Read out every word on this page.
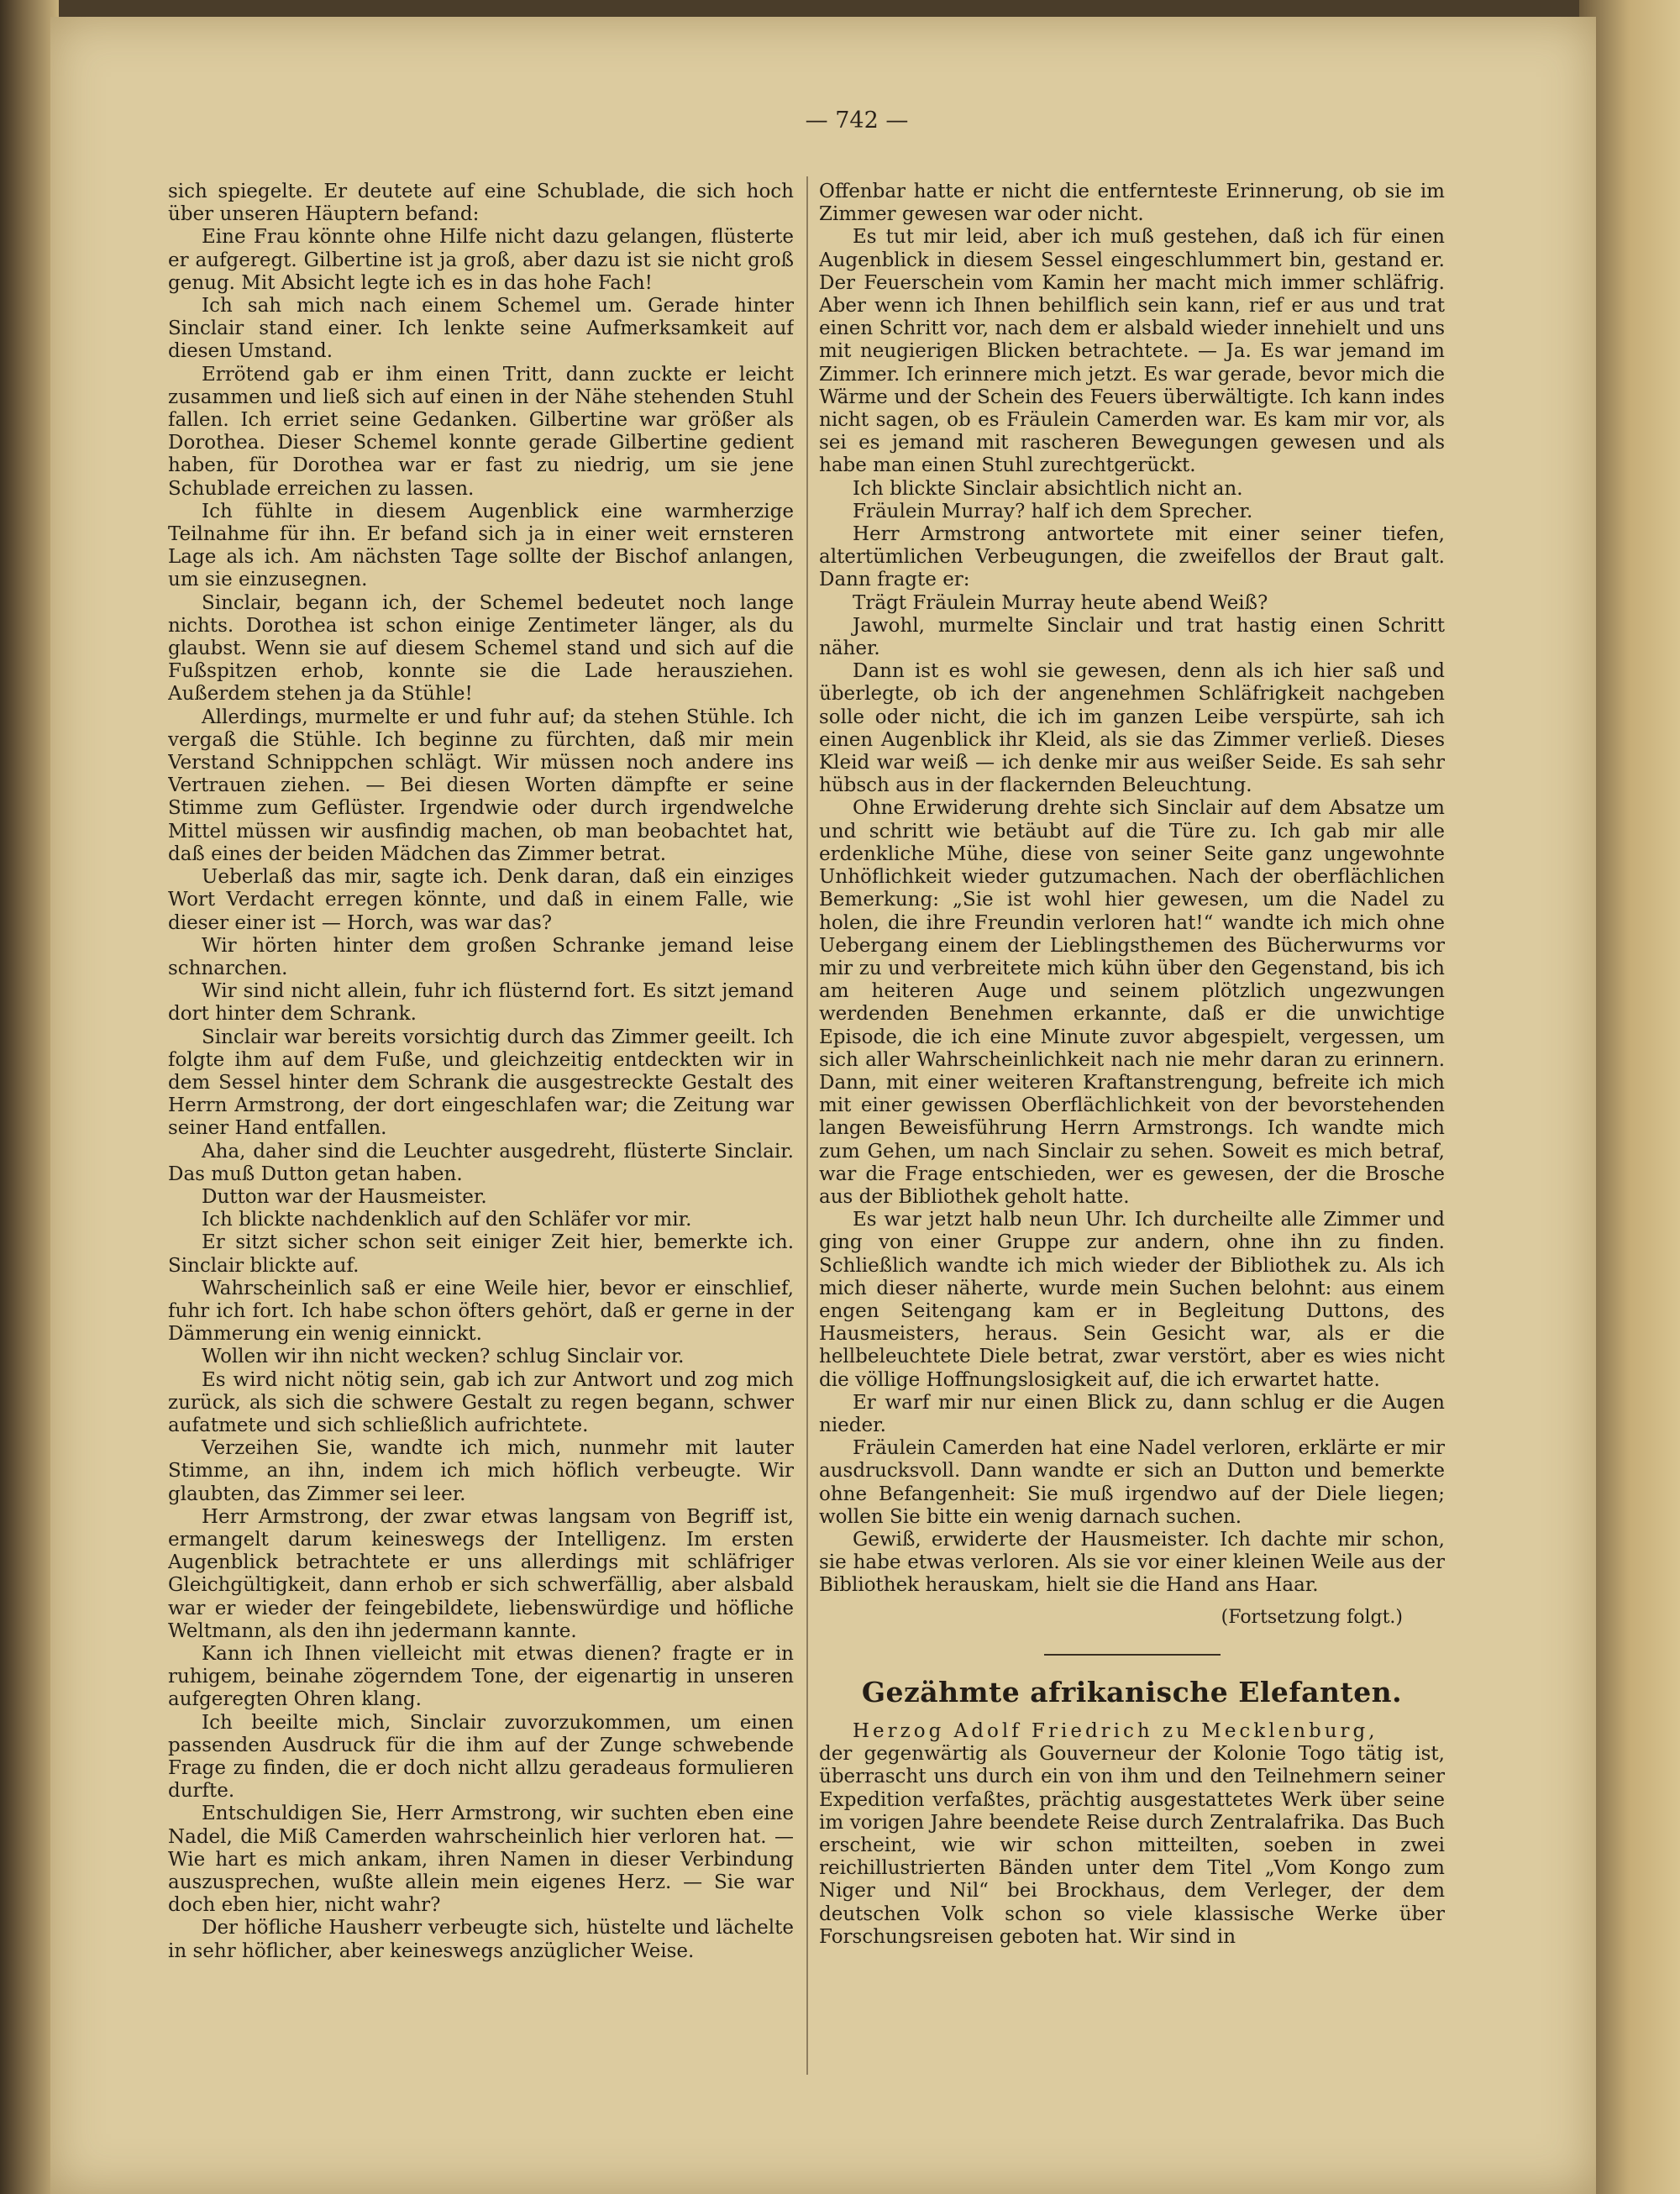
— 742 —

sich spiegelte. Er deutete auf eine Schublade, die sich hoch über unseren Häuptern befand:

Eine Frau könnte ohne Hilfe nicht dazu gelangen, flüsterte er aufgeregt. Gilbertine ist ja groß, aber dazu ist sie nicht groß genug. Mit Absicht legte ich es in das hohe Fach!

Ich sah mich nach einem Schemel um. Gerade hinter Sinclair stand einer. Ich lenkte seine Aufmerksamkeit auf diesen Umstand.

Errötend gab er ihm einen Tritt, dann zuckte er leicht zusammen und ließ sich auf einen in der Nähe stehenden Stuhl fallen. Ich erriet seine Gedanken. Gilbertine war größer als Dorothea. Dieser Schemel konnte gerade Gilbertine gedient haben, für Dorothea war er fast zu niedrig, um sie jene Schublade erreichen zu lassen.

Ich fühlte in diesem Augenblick eine warmherzige Teilnahme für ihn. Er befand sich ja in einer weit ernsteren Lage als ich. Am nächsten Tage sollte der Bischof anlangen, um sie einzusegnen.

Sinclair, begann ich, der Schemel bedeutet noch lange nichts. Dorothea ist schon einige Zentimeter länger, als du glaubst. Wenn sie auf diesem Schemel stand und sich auf die Fußspitzen erhob, konnte sie die Lade herausziehen. Außerdem stehen ja da Stühle!

Allerdings, murmelte er und fuhr auf; da stehen Stühle. Ich vergaß die Stühle. Ich beginne zu fürchten, daß mir mein Verstand Schnippchen schlägt. Wir müssen noch andere ins Vertrauen ziehen. — Bei diesen Worten dämpfte er seine Stimme zum Geflüster. Irgendwie oder durch irgendwelche Mittel müssen wir ausfindig machen, ob man beobachtet hat, daß eines der beiden Mädchen das Zimmer betrat.

Ueberlaß das mir, sagte ich. Denk daran, daß ein einziges Wort Verdacht erregen könnte, und daß in einem Falle, wie dieser einer ist — Horch, was war das?

Wir hörten hinter dem großen Schranke jemand leise schnarchen.

Wir sind nicht allein, fuhr ich flüsternd fort. Es sitzt jemand dort hinter dem Schrank.

Sinclair war bereits vorsichtig durch das Zimmer geeilt. Ich folgte ihm auf dem Fuße, und gleichzeitig entdeckten wir in dem Sessel hinter dem Schrank die ausgestreckte Gestalt des Herrn Armstrong, der dort eingeschlafen war; die Zeitung war seiner Hand entfallen.

Aha, daher sind die Leuchter ausgedreht, flüsterte Sinclair. Das muß Dutton getan haben.

Dutton war der Hausmeister.

Ich blickte nachdenklich auf den Schläfer vor mir.

Er sitzt sicher schon seit einiger Zeit hier, bemerkte ich. Sinclair blickte auf.

Wahrscheinlich saß er eine Weile hier, bevor er einschlief, fuhr ich fort. Ich habe schon öfters gehört, daß er gerne in der Dämmerung ein wenig einnickt.

Wollen wir ihn nicht wecken? schlug Sinclair vor.

Es wird nicht nötig sein, gab ich zur Antwort und zog mich zurück, als sich die schwere Gestalt zu regen begann, schwer aufatmete und sich schließlich aufrichtete.

Verzeihen Sie, wandte ich mich, nunmehr mit lauter Stimme, an ihn, indem ich mich höflich verbeugte. Wir glaubten, das Zimmer sei leer.

Herr Armstrong, der zwar etwas langsam von Begriff ist, ermangelt darum keineswegs der Intelligenz. Im ersten Augenblick betrachtete er uns allerdings mit schläfriger Gleichgültigkeit, dann erhob er sich schwerfällig, aber alsbald war er wieder der feingebildete, liebenswürdige und höfliche Weltmann, als den ihn jedermann kannte.

Kann ich Ihnen vielleicht mit etwas dienen? fragte er in ruhigem, beinahe zögerndem Tone, der eigenartig in unseren aufgeregten Ohren klang.

Ich beeilte mich, Sinclair zuvorzukommen, um einen passenden Ausdruck für die ihm auf der Zunge schwebende Frage zu finden, die er doch nicht allzu geradeaus formulieren durfte.

Entschuldigen Sie, Herr Armstrong, wir suchten eben eine Nadel, die Miß Camerden wahrscheinlich hier verloren hat. — Wie hart es mich ankam, ihren Namen in dieser Verbindung auszusprechen, wußte allein mein eigenes Herz. — Sie war doch eben hier, nicht wahr?

Der höfliche Hausherr verbeugte sich, hüstelte und lächelte in sehr höflicher, aber keineswegs anzüglicher Weise.

Offenbar hatte er nicht die entfernteste Erinnerung, ob sie im Zimmer gewesen war oder nicht.

Es tut mir leid, aber ich muß gestehen, daß ich für einen Augenblick in diesem Sessel eingeschlummert bin, gestand er. Der Feuerschein vom Kamin her macht mich immer schläfrig. Aber wenn ich Ihnen behilflich sein kann, rief er aus und trat einen Schritt vor, nach dem er alsbald wieder innehielt und uns mit neugierigen Blicken betrachtete. — Ja. Es war jemand im Zimmer. Ich erinnere mich jetzt. Es war gerade, bevor mich die Wärme und der Schein des Feuers überwältigte. Ich kann indes nicht sagen, ob es Fräulein Camerden war. Es kam mir vor, als sei es jemand mit rascheren Bewegungen gewesen und als habe man einen Stuhl zurechtgerückt.

Ich blickte Sinclair absichtlich nicht an.

Fräulein Murray? half ich dem Sprecher.

Herr Armstrong antwortete mit einer seiner tiefen, altertümlichen Verbeugungen, die zweifellos der Braut galt. Dann fragte er:

Trägt Fräulein Murray heute abend Weiß?

Jawohl, murmelte Sinclair und trat hastig einen Schritt näher.

Dann ist es wohl sie gewesen, denn als ich hier saß und überlegte, ob ich der angenehmen Schläfrigkeit nachgeben solle oder nicht, die ich im ganzen Leibe verspürte, sah ich einen Augenblick ihr Kleid, als sie das Zimmer verließ. Dieses Kleid war weiß — ich denke mir aus weißer Seide. Es sah sehr hübsch aus in der flackernden Beleuchtung.

Ohne Erwiderung drehte sich Sinclair auf dem Absatze um und schritt wie betäubt auf die Türe zu. Ich gab mir alle erdenkliche Mühe, diese von seiner Seite ganz ungewohnte Unhöflichkeit wieder gutzumachen. Nach der oberflächlichen Bemerkung: „Sie ist wohl hier gewesen, um die Nadel zu holen, die ihre Freundin verloren hat!“ wandte ich mich ohne Uebergang einem der Lieblingsthemen des Bücherwurms vor mir zu und verbreitete mich kühn über den Gegenstand, bis ich am heiteren Auge und seinem plötzlich ungezwungen werdenden Benehmen erkannte, daß er die unwichtige Episode, die ich eine Minute zuvor abgespielt, vergessen, um sich aller Wahrscheinlichkeit nach nie mehr daran zu erinnern. Dann, mit einer weiteren Kraftanstrengung, befreite ich mich mit einer gewissen Oberflächlichkeit von der bevorstehenden langen Beweisführung Herrn Armstrongs. Ich wandte mich zum Gehen, um nach Sinclair zu sehen. Soweit es mich betraf, war die Frage entschieden, wer es gewesen, der die Brosche aus der Bibliothek geholt hatte.

Es war jetzt halb neun Uhr. Ich durcheilte alle Zimmer und ging von einer Gruppe zur andern, ohne ihn zu finden. Schließlich wandte ich mich wieder der Bibliothek zu. Als ich mich dieser näherte, wurde mein Suchen belohnt: aus einem engen Seitengang kam er in Begleitung Duttons, des Hausmeisters, heraus. Sein Gesicht war, als er die hellbeleuchtete Diele betrat, zwar verstört, aber es wies nicht die völlige Hoffnungslosigkeit auf, die ich erwartet hatte.

Er warf mir nur einen Blick zu, dann schlug er die Augen nieder.

Fräulein Camerden hat eine Nadel verloren, erklärte er mir ausdrucksvoll. Dann wandte er sich an Dutton und bemerkte ohne Befangenheit: Sie muß irgendwo auf der Diele liegen; wollen Sie bitte ein wenig darnach suchen.

Gewiß, erwiderte der Hausmeister. Ich dachte mir schon, sie habe etwas verloren. Als sie vor einer kleinen Weile aus der Bibliothek herauskam, hielt sie die Hand ans Haar.

(Fortsetzung folgt.)

Gezähmte afrikanische Elefanten.

Herzog Adolf Friedrich zu Mecklenburg,

der gegenwärtig als Gouverneur der Kolonie Togo tätig ist, überrascht uns durch ein von ihm und den Teilnehmern seiner Expedition verfaßtes, prächtig ausgestattetes Werk über seine im vorigen Jahre beendete Reise durch Zentralafrika. Das Buch erscheint, wie wir schon mitteilten, soeben in zwei reichillustrierten Bänden unter dem Titel „Vom Kongo zum Niger und Nil“ bei Brockhaus, dem Verleger, der dem deutschen Volk schon so viele klassische Werke über Forschungsreisen geboten hat. Wir sind in
